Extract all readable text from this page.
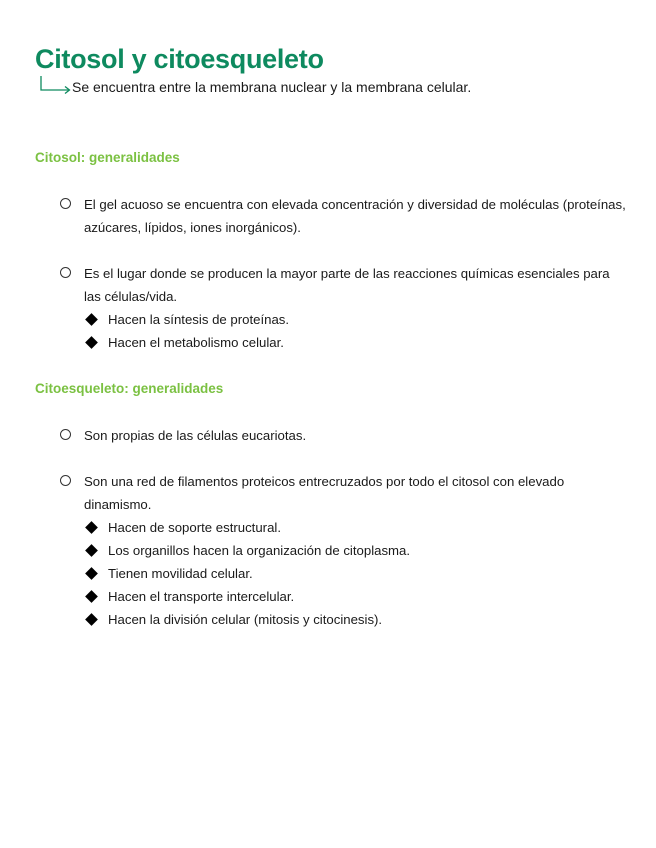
Citosol y citoesqueleto
Se encuentra entre la membrana nuclear y la membrana celular.
Citosol: generalidades
El gel acuoso se encuentra con elevada concentración y diversidad de moléculas (proteínas, azúcares, lípidos, iones inorgánicos).
Es el lugar donde se producen la mayor parte de las reacciones químicas esenciales para las células/vida.
Hacen la síntesis de proteínas.
Hacen el metabolismo celular.
Citoesqueleto: generalidades
Son propias de las células eucariotas.
Son una red de filamentos proteicos entrecruzados por todo el citosol con elevado dinamismo.
Hacen de soporte estructural.
Los organillos hacen la organización de citoplasma.
Tienen movilidad celular.
Hacen el transporte intercelular.
Hacen la división celular (mitosis y citocinesis).
